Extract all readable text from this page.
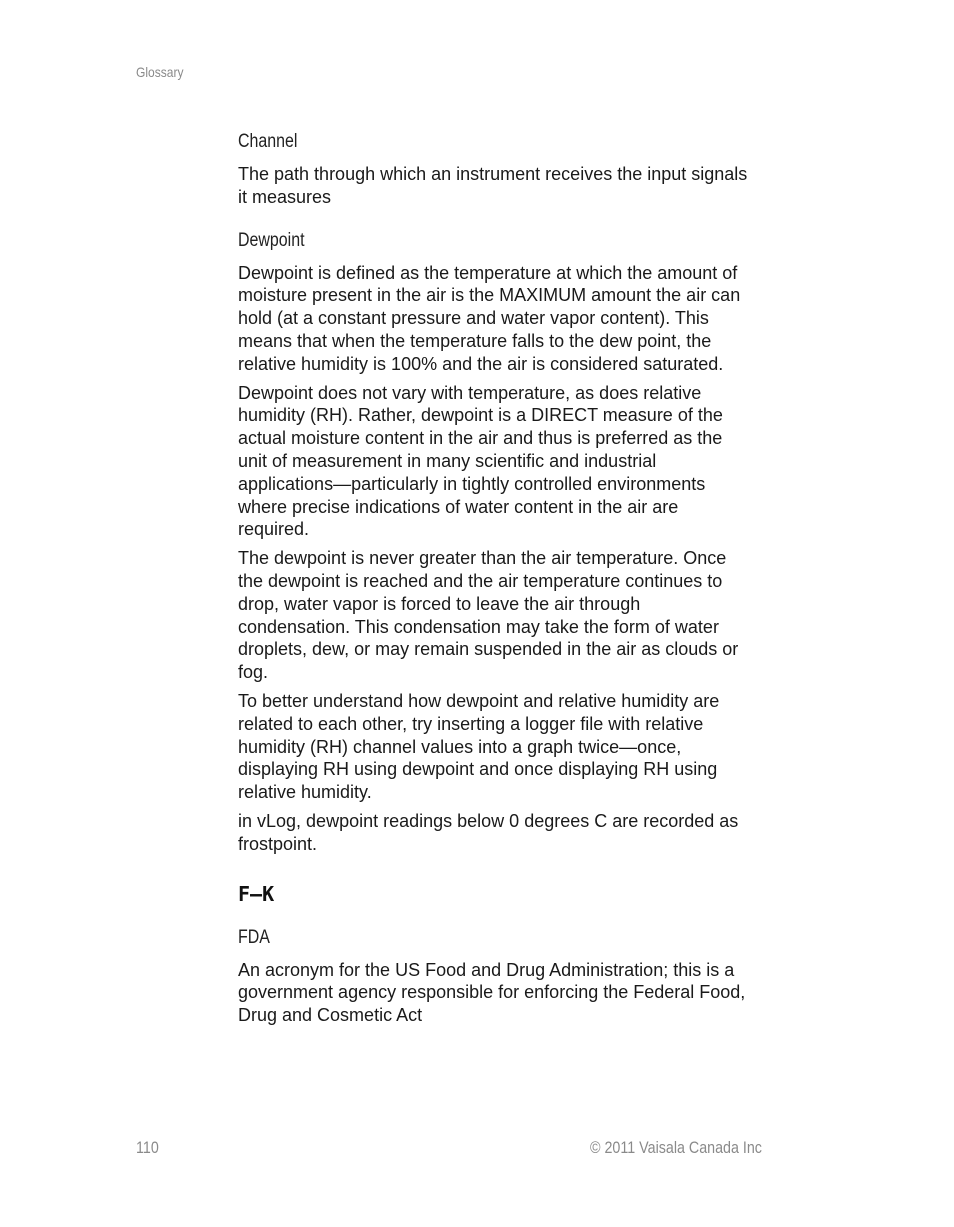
Glossary
Channel

The path through which an instrument receives the input signals it measures

Dewpoint

Dewpoint is defined as the temperature at which the amount of moisture present in the air is the MAXIMUM amount the air can hold (at a constant pressure and water vapor content). This means that when the temperature falls to the dew point, the relative humidity is 100% and the air is considered saturated.

Dewpoint does not vary with temperature, as does relative humidity (RH). Rather, dewpoint is a DIRECT measure of the actual moisture content in the air and thus is preferred as the unit of measurement in many scientific and industrial applications—particularly in tightly controlled environments where precise indications of water content in the air are required.

The dewpoint is never greater than the air temperature. Once the dewpoint is reached and the air temperature continues to drop, water vapor is forced to leave the air through condensation. This condensation may take the form of water droplets, dew, or may remain suspended in the air as clouds or fog.

To better understand how dewpoint and relative humidity are related to each other, try inserting a logger file with relative humidity (RH) channel values into a graph twice—once, displaying RH using dewpoint and once displaying RH using relative humidity.

in vLog, dewpoint readings below 0 degrees C are recorded as frostpoint.

F–K
FDA

An acronym for the US Food and Drug Administration; this is a government agency responsible for enforcing the Federal Food, Drug and Cosmetic Act

110	© 2011 Vaisala Canada Inc
